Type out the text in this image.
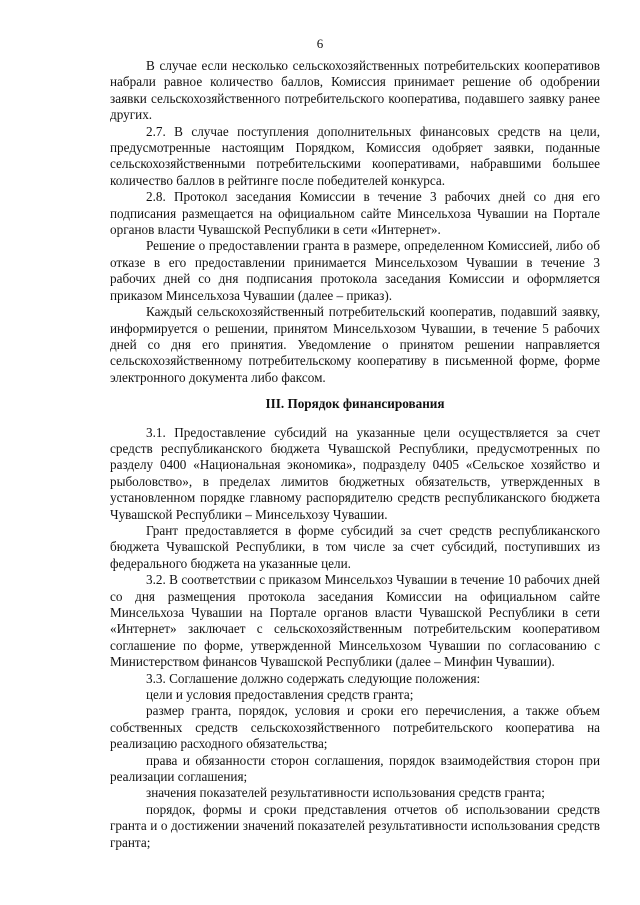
6

В случае если несколько сельскохозяйственных потребительских кооперативов набрали равное количество баллов, Комиссия принимает решение об одобрении заявки сельскохозяйственного потребительского кооператива, подавшего заявку ранее других.

2.7. В случае поступления дополнительных финансовых средств на цели, предусмотренные настоящим Порядком, Комиссия одобряет заявки, поданные сельскохозяйственными потребительскими кооперативами, набравшими большее количество баллов в рейтинге после победителей конкурса.

2.8. Протокол заседания Комиссии в течение 3 рабочих дней со дня его подписания размещается на официальном сайте Минсельхоза Чувашии на Портале органов власти Чувашской Республики в сети «Интернет».

Решение о предоставлении гранта в размере, определенном Комиссией, либо об отказе в его предоставлении принимается Минсельхозом Чувашии в течение 3 рабочих дней со дня подписания протокола заседания Комиссии и оформляется приказом Минсельхоза Чувашии (далее – приказ).

Каждый сельскохозяйственный потребительский кооператив, подавший заявку, информируется о решении, принятом Минсельхозом Чувашии, в течение 5 рабочих дней со дня его принятия. Уведомление о принятом решении направляется сельскохозяйственному потребительскому кооперативу в письменной форме, форме электронного документа либо факсом.

III. Порядок финансирования

3.1. Предоставление субсидий на указанные цели осуществляется за счет средств республиканского бюджета Чувашской Республики, предусмотренных по разделу 0400 «Национальная экономика», подразделу 0405 «Сельское хозяйство и рыболовство», в пределах лимитов бюджетных обязательств, утвержденных в установленном порядке главному распорядителю средств республиканского бюджета Чувашской Республики – Минсельхозу Чувашии.

Грант предоставляется в форме субсидий за счет средств республиканского бюджета Чувашской Республики, в том числе за счет субсидий, поступивших из федерального бюджета на указанные цели.

3.2. В соответствии с приказом Минсельхоз Чувашии в течение 10 рабочих дней со дня размещения протокола заседания Комиссии на официальном сайте Минсельхоза Чувашии на Портале органов власти Чувашской Республики в сети «Интернет» заключает с сельскохозяйственным потребительским кооперативом соглашение по форме, утвержденной Минсельхозом Чувашии по согласованию с Министерством финансов Чувашской Республики (далее – Минфин Чувашии).

3.3. Соглашение должно содержать следующие положения:

цели и условия предоставления средств гранта;

размер гранта, порядок, условия и сроки его перечисления, а также объем собственных средств сельскохозяйственного потребительского кооператива на реализацию расходного обязательства;

права и обязанности сторон соглашения, порядок взаимодействия сторон при реализации соглашения;

значения показателей результативности использования средств гранта;

порядок, формы и сроки представления отчетов об использовании средств гранта и о достижении значений показателей результативности использования средств гранта;
